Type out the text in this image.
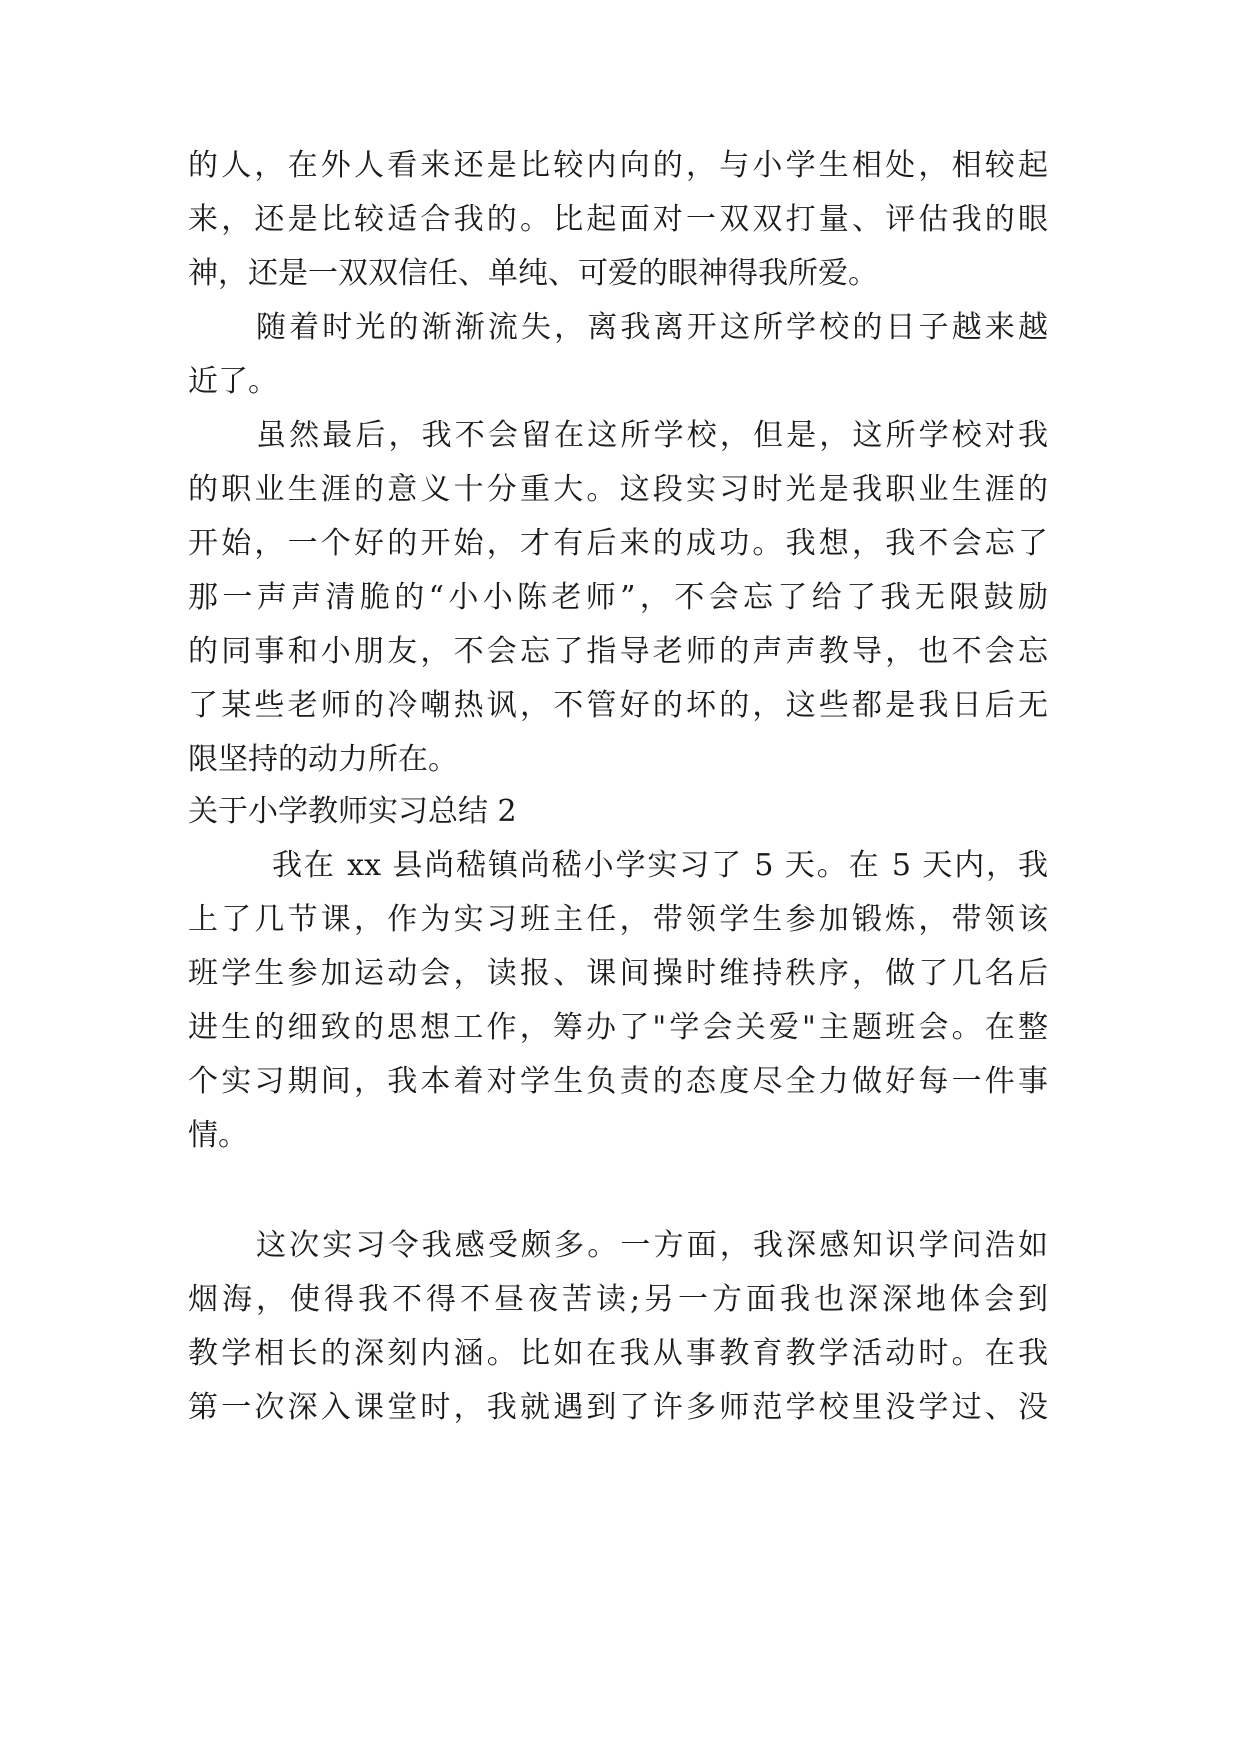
的人，在外人看来还是比较内向的，与小学生相处，相较起
来，还是比较适合我的。比起面对一双双打量、评估我的眼
神，还是一双双信任、单纯、可爱的眼神得我所爱。
随着时光的渐渐流失，离我离开这所学校的日子越来越
近了。
虽然最后，我不会留在这所学校，但是，这所学校对我
的职业生涯的意义十分重大。这段实习时光是我职业生涯的
开始，一个好的开始，才有后来的成功。我想，我不会忘了
那一声声清脆的“小小陈老师”，不会忘了给了我无限鼓励
的同事和小朋友，不会忘了指导老师的声声教导，也不会忘
了某些老师的冷嘲热讽，不管好的坏的，这些都是我日后无
限坚持的动力所在。
关于小学教师实习总结 2
我在 xx 县尚嵇镇尚嵇小学实习了 5 天。在 5 天内，我
上了几节课，作为实习班主任，带领学生参加锻炼，带领该
班学生参加运动会，读报、课间操时维持秩序，做了几名后
进生的细致的思想工作，筹办了"学会关爱"主题班会。在整
个实习期间，我本着对学生负责的态度尽全力做好每一件事
情。
这次实习令我感受颇多。一方面，我深感知识学问浩如
烟海，使得我不得不昼夜苦读;另一方面我也深深地体会到
教学相长的深刻内涵。比如在我从事教育教学活动时。在我
第一次深入课堂时，我就遇到了许多师范学校里没学过、没
